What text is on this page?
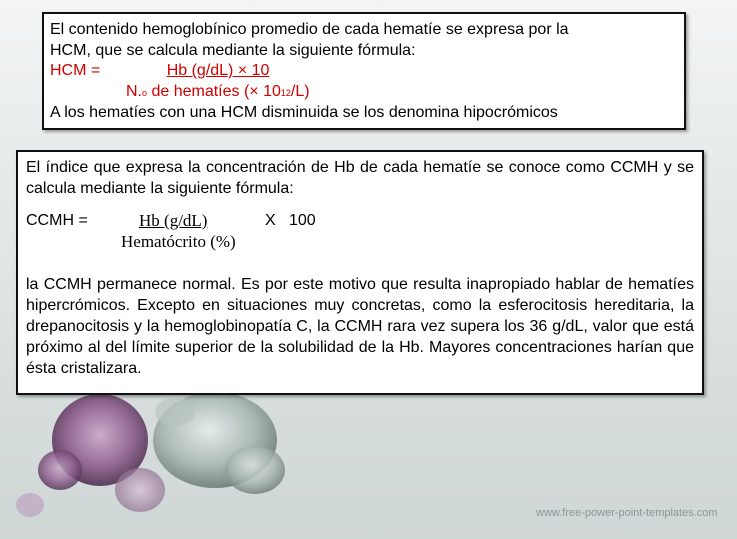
El contenido hemoglobínico promedio de cada hematíe se expresa por la
HCM, que se calcula mediante la siguiente fórmula:
HCM =	Hb (g/dL) × 10
N.o de hematíes (× 1012/L)
A los hematíes con una HCM disminuida se los denomina hipocrómicos
El índice que expresa la concentración de Hb de cada hematíe se conoce como CCMH y se calcula mediante la siguiente fórmula:
CCMH =	Hb (g/dL)	X   100
Hematócrito (%)
la CCMH permanece normal. Es por este motivo que resulta inapropiado hablar de hematíes hipercrómicos. Excepto en situaciones muy concretas, como la esferocitosis hereditaria, la drepanocitosis y la hemoglobinopatía C, la CCMH rara vez supera los 36 g/dL, valor que está próximo al del límite superior de la solubilidad de la Hb. Mayores concentraciones harían que ésta cristalizara.
www.free-power-point-templates.com
